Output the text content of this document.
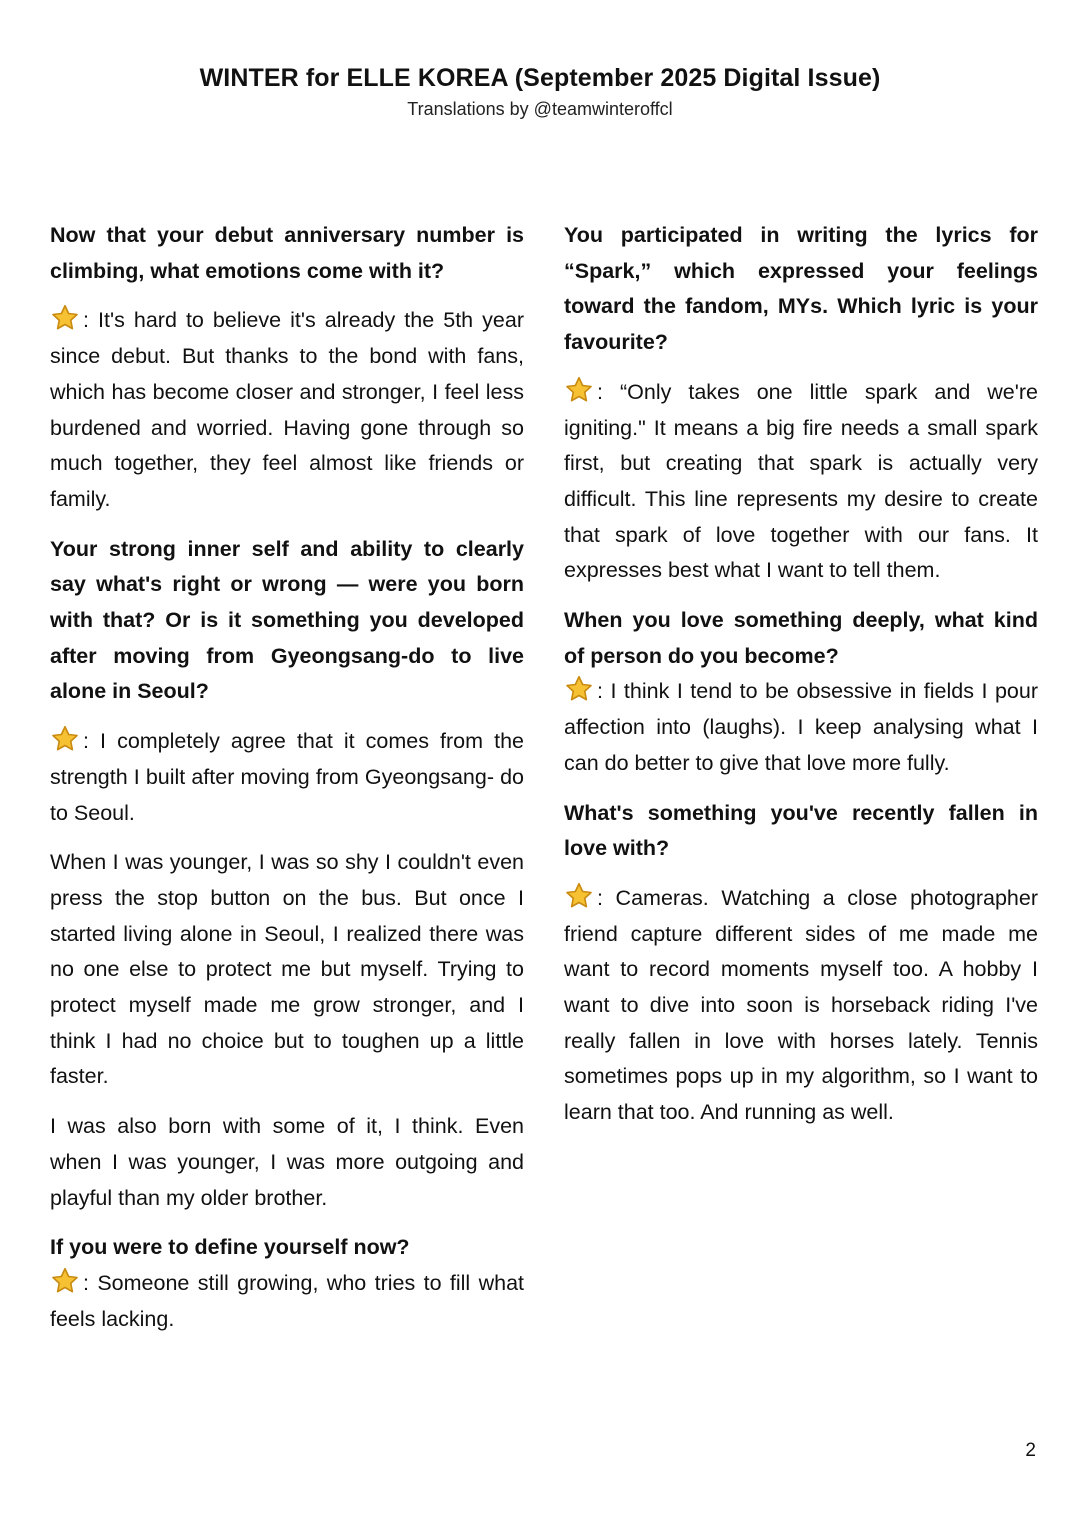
WINTER for ELLE KOREA (September 2025 Digital Issue)
Translations by @teamwinteroffcl

Now that your debut anniversary number is climbing, what emotions come with it?

: It's hard to believe it's already the 5th year since debut. But thanks to the bond with fans, which has become closer and stronger, I feel less burdened and worried. Having gone through so much together, they feel almost like friends or family.

Your strong inner self and ability to clearly say what's right or wrong — were you born with that? Or is it something you developed after moving from Gyeongsang-do to live alone in Seoul?

: I completely agree that it comes from the strength I built after moving from Gyeongsang- do to Seoul.

When I was younger, I was so shy I couldn't even press the stop button on the bus. But once I started living alone in Seoul, I realized there was no one else to protect me but myself. Trying to protect myself made me grow stronger, and I think I had no choice but to toughen up a little faster.

I was also born with some of it, I think. Even when I was younger, I was more outgoing and playful than my older brother.

If you were to define yourself now?

: Someone still growing, who tries to fill what feels lacking.

You participated in writing the lyrics for “Spark,” which expressed your feelings toward the fandom, MYs. Which lyric is your favourite?

: “Only takes one little spark and we're igniting." It means a big fire needs a small spark first, but creating that spark is actually very difficult. This line represents my desire to create that spark of love together with our fans. It expresses best what I want to tell them.

When you love something deeply, what kind of person do you become?

: I think I tend to be obsessive in fields I pour affection into (laughs). I keep analysing what I can do better to give that love more fully.

What's something you've recently fallen in love with?

: Cameras. Watching a close photographer friend capture different sides of me made me want to record moments myself too. A hobby I want to dive into soon is horseback riding I've really fallen in love with horses lately. Tennis sometimes pops up in my algorithm, so I want to learn that too. And running as well.

2
